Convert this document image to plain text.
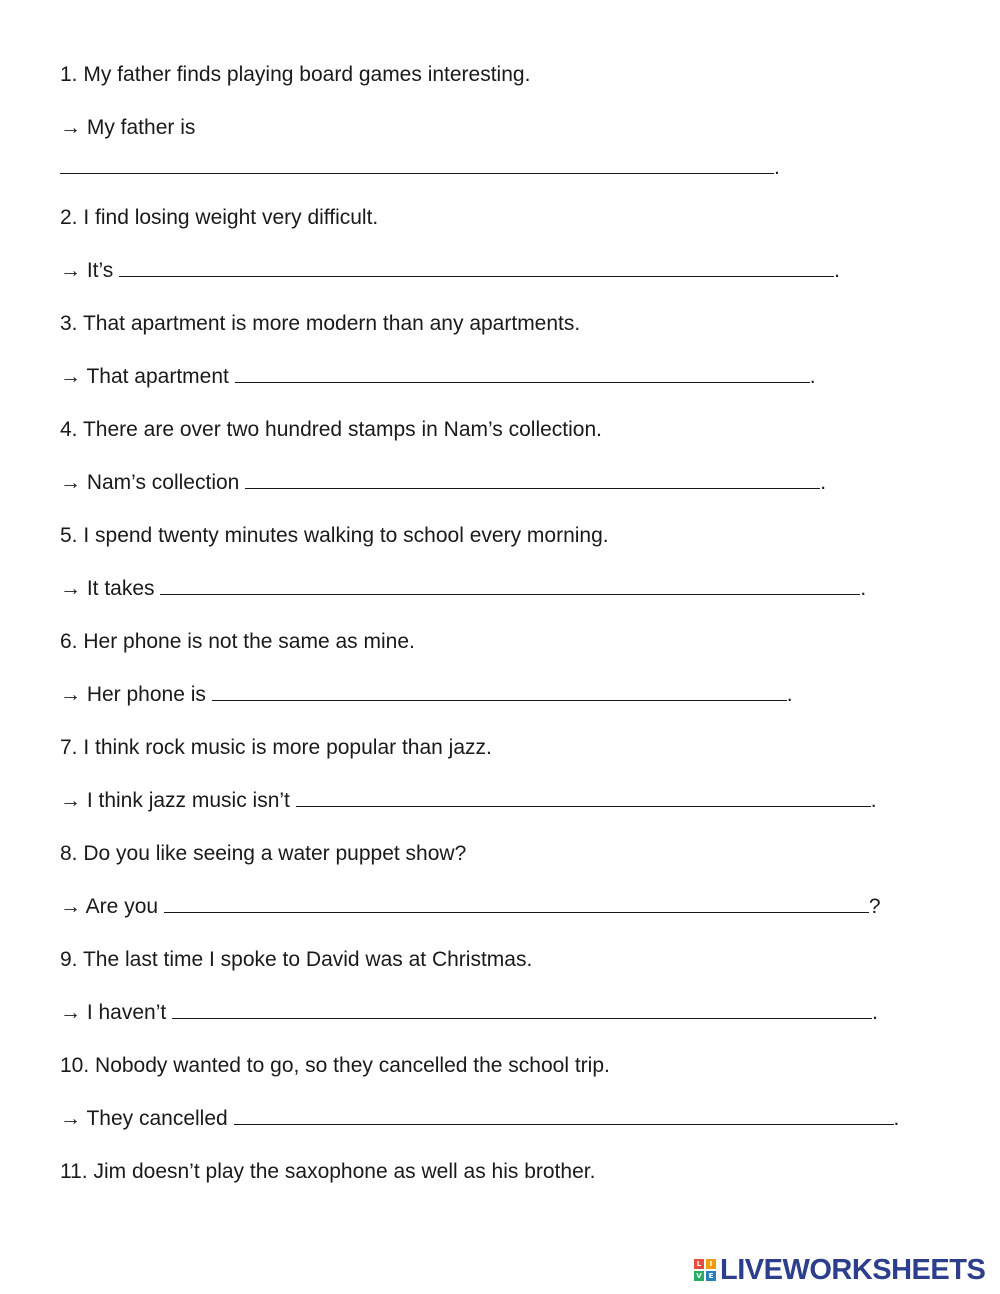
1. My father finds playing board games interesting.
→ My father is
.
2. I find losing weight very difficult.
→ It’s	.
3. That apartment is more modern than any apartments.
→ That apartment	.
4. There are over two hundred stamps in Nam’s collection.
→ Nam’s collection	.
5. I spend twenty minutes walking to school every morning.
→ It takes	.
6. Her phone is not the same as mine.
→ Her phone is	.
7. I think rock music is more popular than jazz.
→ I think jazz music isn’t	.
8. Do you like seeing a water puppet show?
→ Are you	?
9. The last time I spoke to David was at Christmas.
→ I haven’t	.
10. Nobody wanted to go, so they cancelled the school trip.
→ They cancelled	.
11. Jim doesn’t play the saxophone as well as his brother.
L	I
V E LIVEWORKSHEETS
